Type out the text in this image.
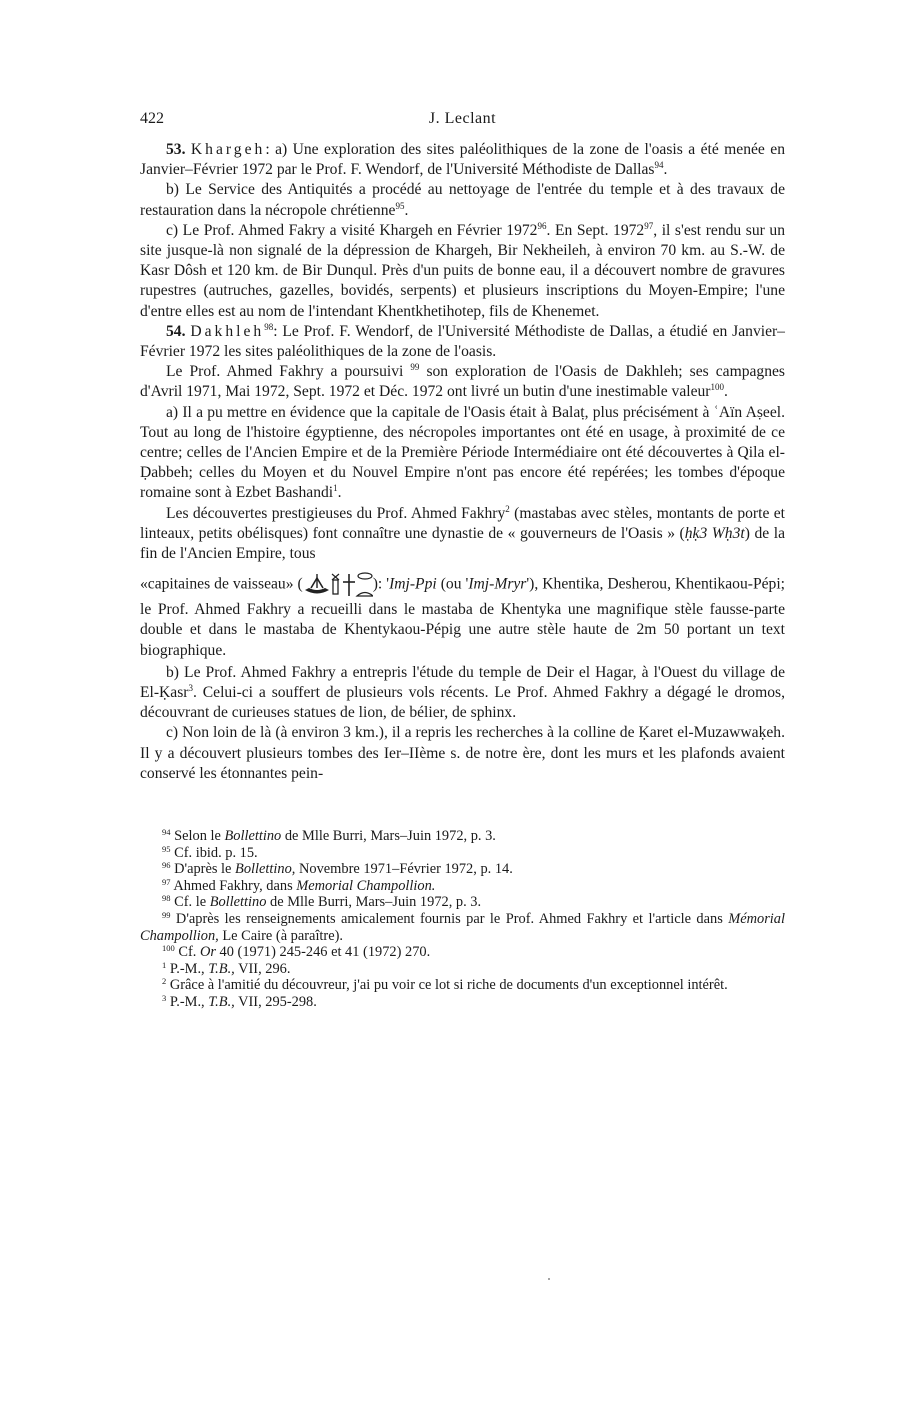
422	J. Leclant

53. Khargeh: a) Une exploration des sites paléolithiques de la zone de l'oasis a été menée en Janvier–Février 1972 par le Prof. F. Wendorf, de l'Université Méthodiste de Dallas$^{94}$.

b) Le Service des Antiquités a procédé au nettoyage de l'entrée du temple et à des travaux de restauration dans la nécropole chrétienne$^{95}$.

c) Le Prof. Ahmed Fakry a visité Khargeh en Février 1972$^{96}$. En Sept. 1972$^{97}$, il s'est rendu sur un site jusque-là non signalé de la dépression de Khargeh, Bir Nekheileh, à environ 70 km. au S.-W. de Kasr Dôsh et 120 km. de Bir Dunqul. Près d'un puits de bonne eau, il a découvert nombre de gravures rupestres (autruches, gazelles, bovidés, serpents) et plusieurs inscriptions du Moyen-Empire; l'une d'entre elles est au nom de l'intendant Khentkhetihotep, fils de Khenemet.

54. Dakhleh$^{98}$: Le Prof. F. Wendorf, de l'Université Méthodiste de Dallas, a étudié en Janvier–Février 1972 les sites paléolithiques de la zone de l'oasis.

Le Prof. Ahmed Fakhry a poursuivi $^{99}$ son exploration de l'Oasis de Dakhleh; ses campagnes d'Avril 1971, Mai 1972, Sept. 1972 et Déc. 1972 ont livré un butin d'une inestimable valeur$^{100}$.

a) Il a pu mettre en évidence que la capitale de l'Oasis était à Balaṭ, plus précisément à ʿAïn Aṣeel. Tout au long de l'histoire égyptienne, des nécropoles importantes ont été en usage, à proximité de ce centre; celles de l'Ancien Empire et de la Première Période Intermédiaire ont été découvertes à Qila el-Ḍabbeh; celles du Moyen et du Nouvel Empire n'ont pas encore été repérées; les tombes d'époque romaine sont à Ezbet Bashandi$^1$.

Les découvertes prestigieuses du Prof. Ahmed Fakhry$^2$ (mastabas avec stèles, montants de porte et linteaux, petits obélisques) font connaître une dynastie de « gouverneurs de l'Oasis » (ḥḳ3 Wḥ3t) de la fin de l'Ancien Empire, tous

«capitaines de vaisseau» (	): 'Imj-Ppi (ou 'Imj-Mryr'), Khentika, Desherou, Khentikaou-Pépi; le Prof. Ahmed Fakhry a recueilli dans le mastaba de Khentyka une magnifique stèle fausse-parte double et dans le mastaba de Khentykaou-Pépig une autre stèle haute de 2m 50 portant un text biographique.

b) Le Prof. Ahmed Fakhry a entrepris l'étude du temple de Deir el Hagar, à l'Ouest du village de El-Ḳasr$^3$. Celui-ci a souffert de plusieurs vols récents. Le Prof. Ahmed Fakhry a dégagé le dromos, découvrant de curieuses statues de lion, de bélier, de sphinx.

c) Non loin de là (à environ 3 km.), il a repris les recherches à la colline de Ḳaret el-Muzawwaḳeh. Il y a découvert plusieurs tombes des Ier–IIème s. de notre ère, dont les murs et les plafonds avaient conservé les étonnantes pein-

$^{94}$ Selon le Bollettino de Mlle Burri, Mars–Juin 1972, p. 3.

$^{95}$ Cf. ibid. p. 15.

$^{96}$ D'après le Bollettino, Novembre 1971–Février 1972, p. 14.

$^{97}$ Ahmed Fakhry, dans Memorial Champollion.

$^{98}$ Cf. le Bollettino de Mlle Burri, Mars–Juin 1972, p. 3.

$^{99}$ D'après les renseignements amicalement fournis par le Prof. Ahmed Fakhry et l'article dans Mémorial Champollion, Le Caire (à paraître).

$^{100}$ Cf. Or 40 (1971) 245-246 et 41 (1972) 270.

$^1$ P.-M., T.B., VII, 296.

$^2$ Grâce à l'amitié du découvreur, j'ai pu voir ce lot si riche de documents d'un exceptionnel intérêt.

$^3$ P.-M., T.B., VII, 295-298.
